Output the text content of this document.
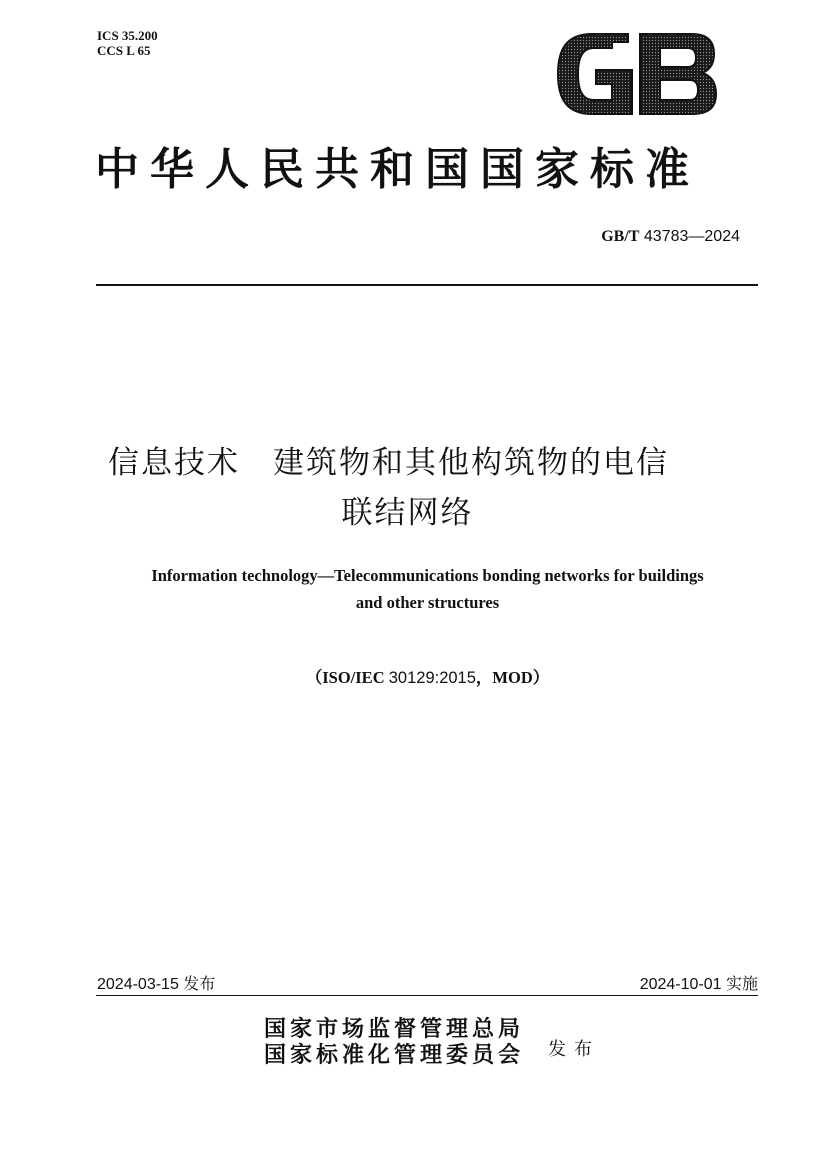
ICS 35.200
CCS L 65
中华人民共和国国家标准
GB/T 43783—2024
信息技术　建筑物和其他构筑物的电信
联结网络
Information technology—Telecommunications bonding networks for buildings
and other structures
（ISO/IEC 30129:2015，MOD）
2024-03-15 发布	2024-10-01 实施
国家市场监督管理总局
国家标准化管理委员会 发布
